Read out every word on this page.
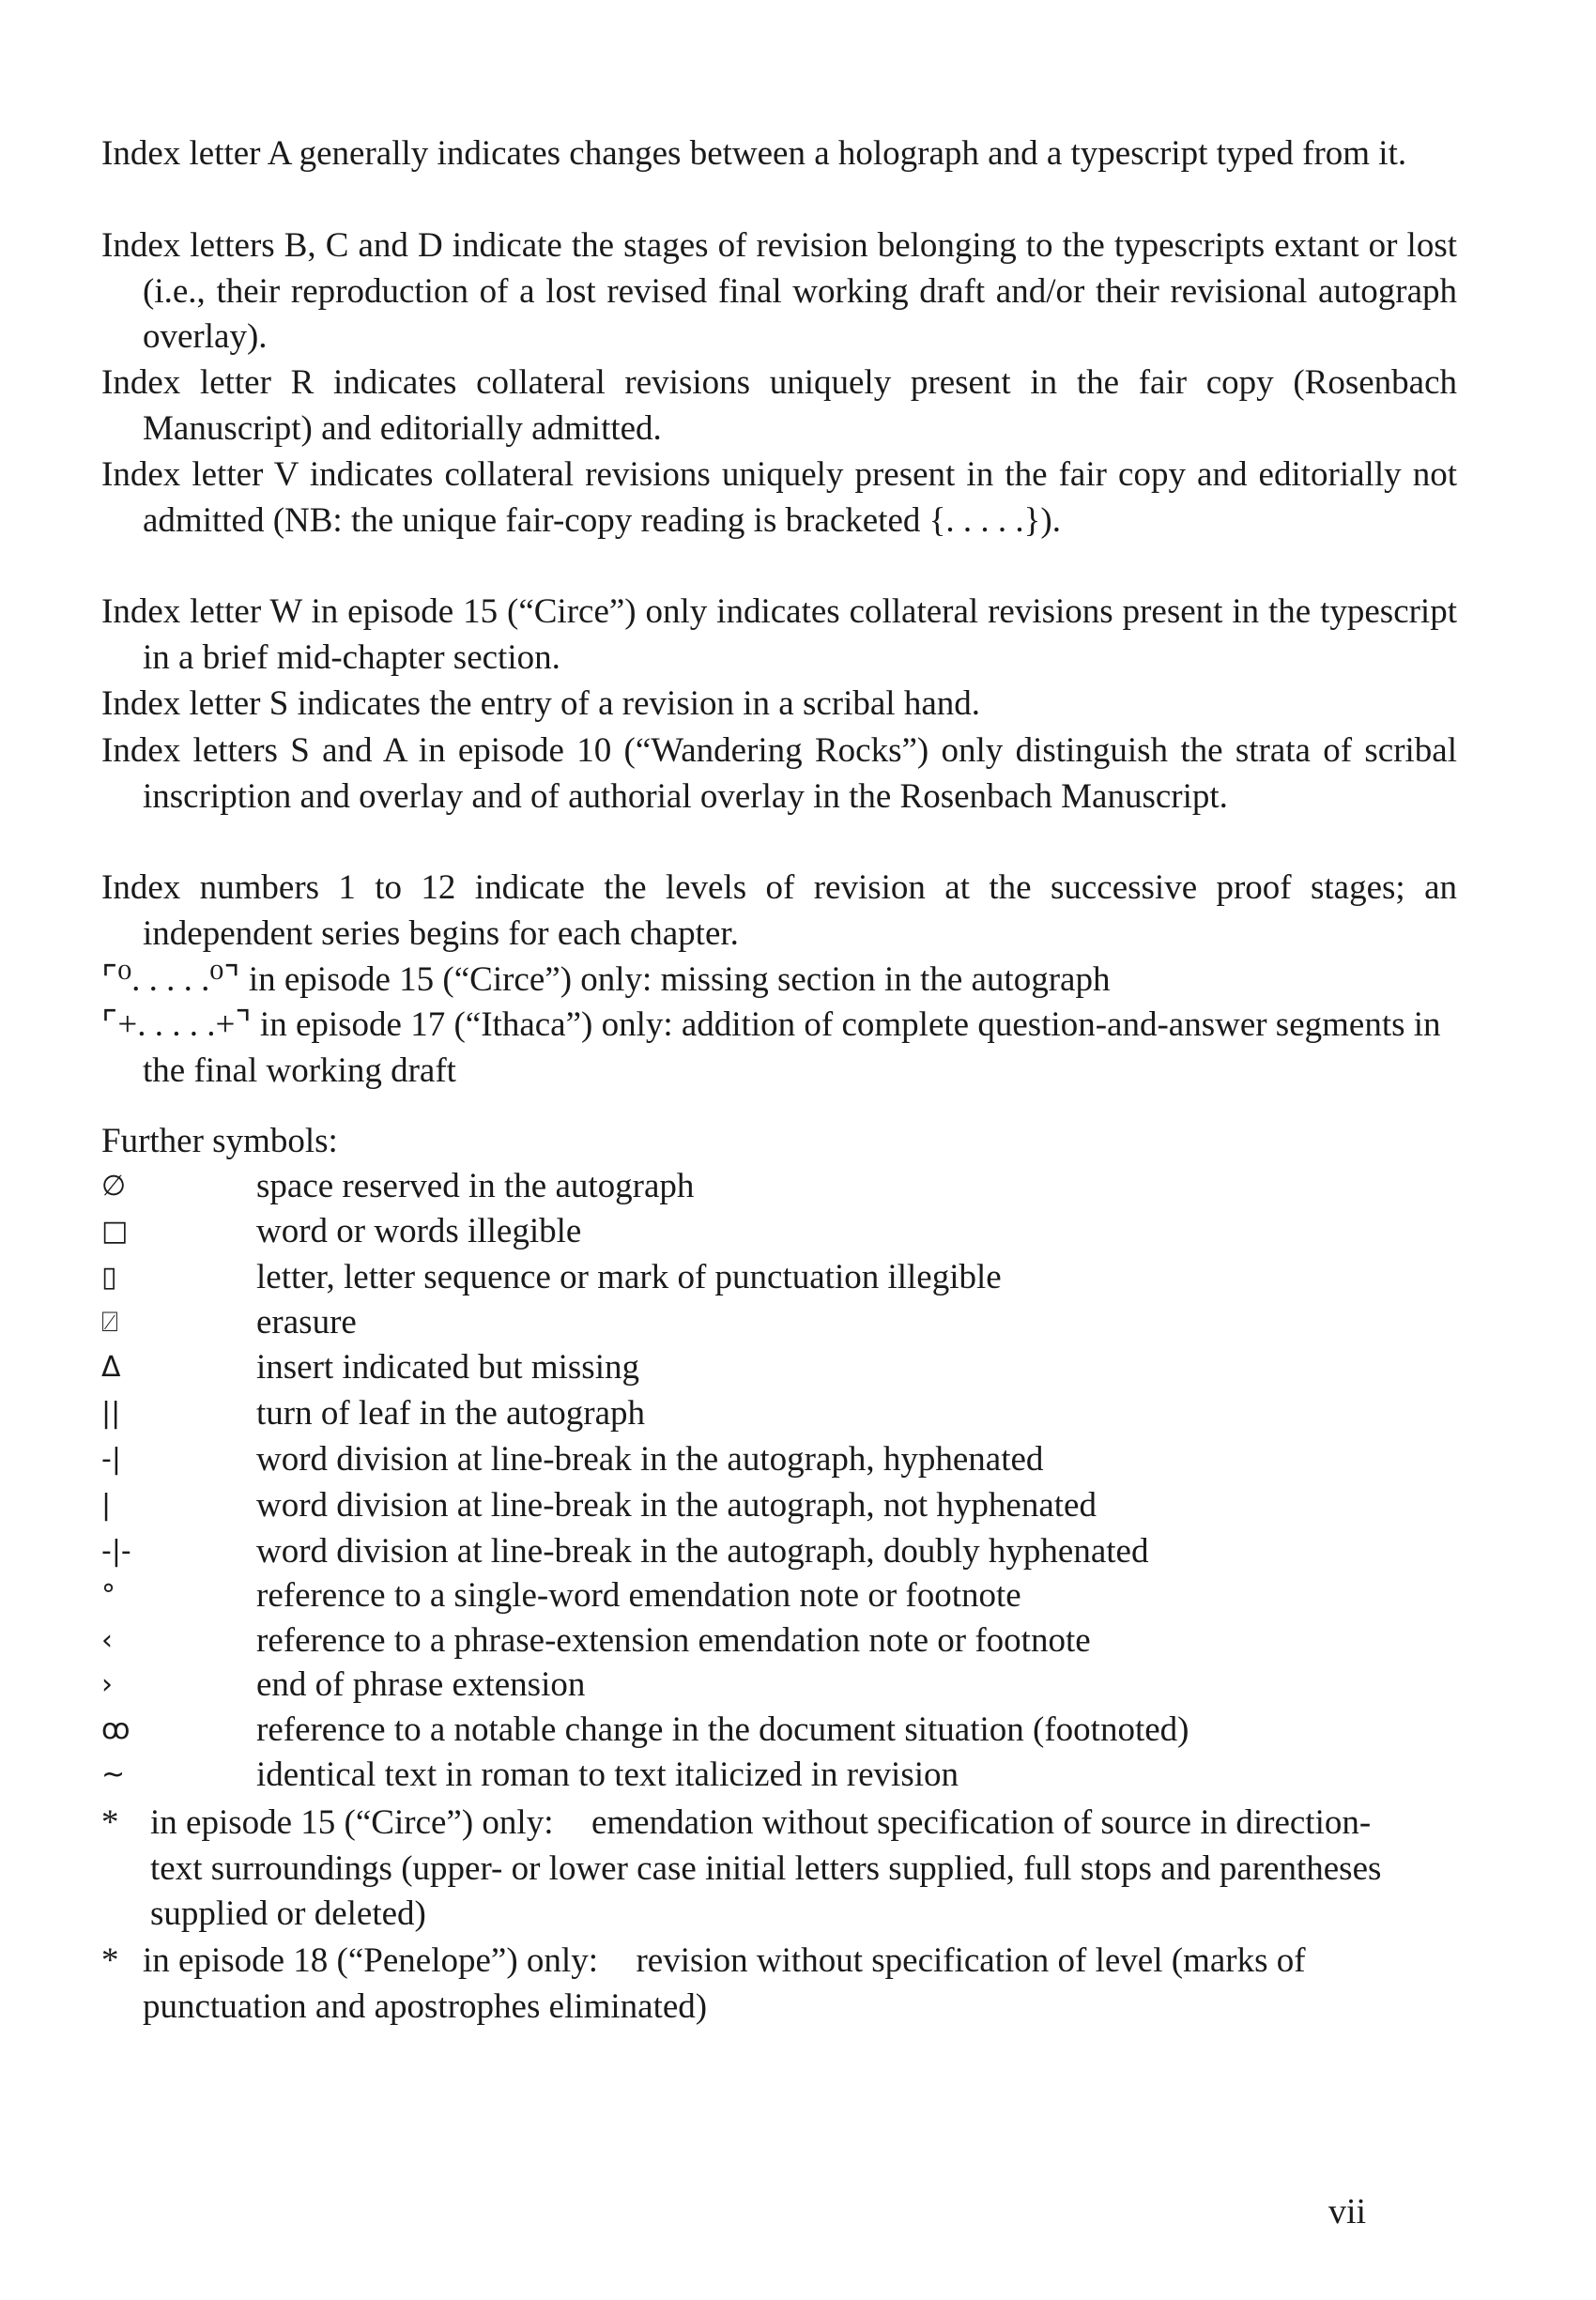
Index letter A generally indicates changes between a holograph and a typescript typed from it.

Index letters B, C and D indicate the stages of revision belonging to the typescripts extant or lost (i.e., their reproduction of a lost revised final working draft and/or their revisional autograph overlay).

Index letter R indicates collateral revisions uniquely present in the fair copy (Rosenbach Manuscript) and editorially admitted.

Index letter V indicates collateral revisions uniquely present in the fair copy and editorially not admitted (NB: the unique fair-copy reading is bracketed {. . . . .}).

Index letter W in episode 15 (“Circe”) only indicates collateral revisions present in the typescript in a brief mid-chapter section.

Index letter S indicates the entry of a revision in a scribal hand.

Index letters S and A in episode 10 (“Wandering Rocks”) only distinguish the strata of scribal inscription and overlay and of authorial overlay in the Rosenbach Manuscript.

Index numbers 1 to 12 indicate the levels of revision at the successive proof stages; an independent series begins for each chapter.

⌜⁰. . . . .⁰⌝ in episode 15 (“Circe”) only: missing section in the autograph

⌜+. . . . .+⌝ in episode 17 (“Ithaca”) only: addition of complete question-and-answer segments in the final working draft

Further symbols:

∅	space reserved in the autograph
□	word or words illegible
▯	letter, letter sequence or mark of punctuation illegible
⍁	erasure
Δ	insert indicated but missing
||	turn of leaf in the autograph
-|	word division at line-break in the autograph, hyphenated
|	word division at line-break in the autograph, not hyphenated
-|-	word division at line-break in the autograph, doubly hyphenated
°	reference to a single-word emendation note or footnote
‹	reference to a phrase-extension emendation note or footnote
›	end of phrase extension
ꝏ	reference to a notable change in the document situation (footnoted)
~	identical text in roman to text italicized in revision
* in episode 15 (“Circe”) only: emendation without specification of source in direction-text surroundings (upper- or lower case initial letters supplied, full stops and parentheses supplied or deleted)
* in episode 18 (“Penelope”) only: revision without specification of level (marks of punctuation and apostrophes eliminated)
vii
